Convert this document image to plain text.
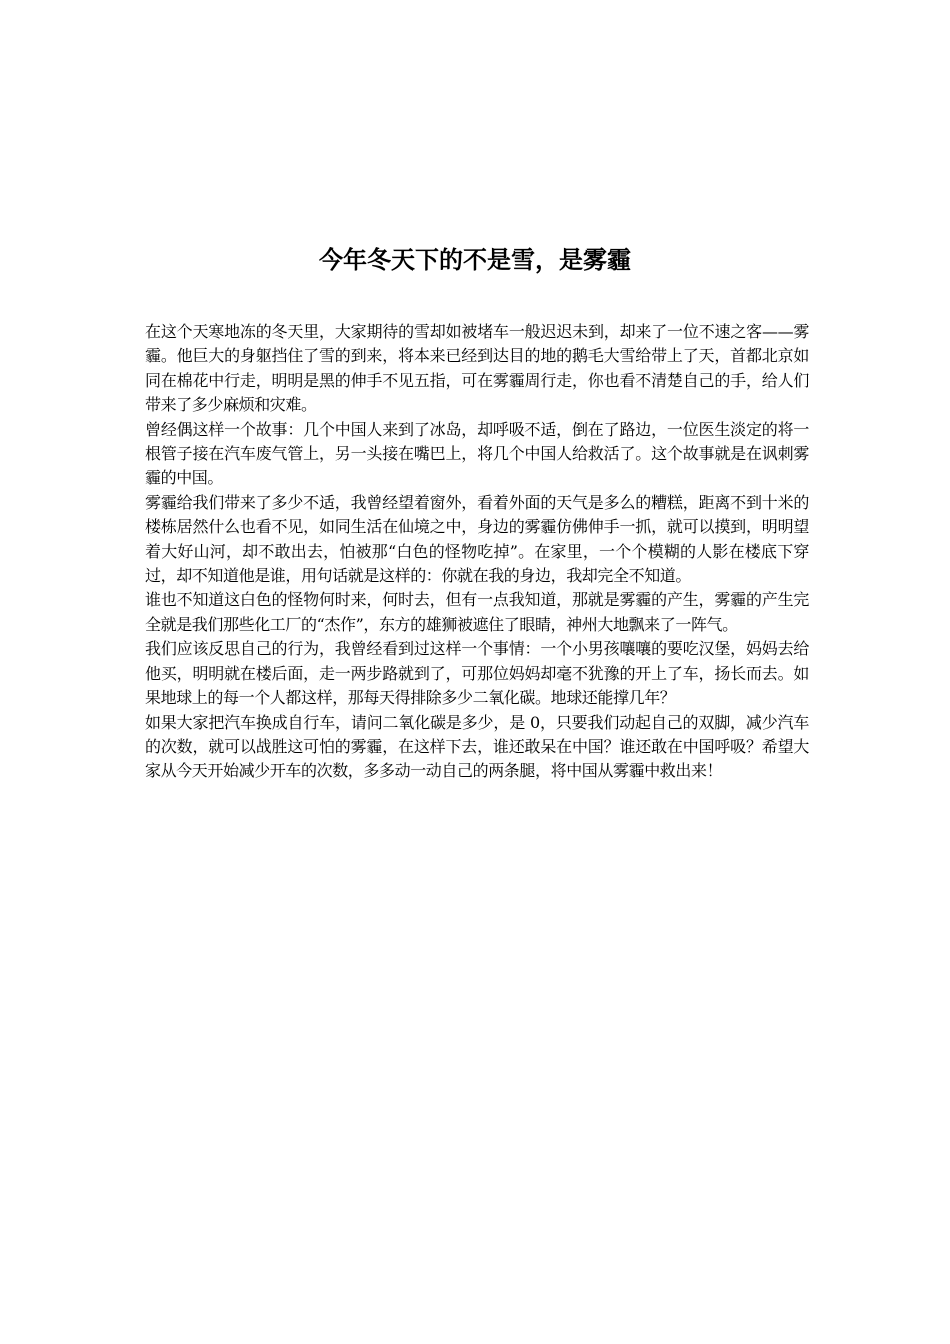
今年冬天下的不是雪，是雾霾

在这个天寒地冻的冬天里，大家期待的雪却如被堵车一般迟迟未到，却来了一位不速之客——雾霾。他巨大的身躯挡住了雪的到来，将本来已经到达目的地的鹅毛大雪给带上了天，首都北京如同在棉花中行走，明明是黑的伸手不见五指，可在雾霾周行走，你也看不清楚自己的手，给人们带来了多少麻烦和灾难。

曾经偶这样一个故事：几个中国人来到了冰岛，却呼吸不适，倒在了路边，一位医生淡定的将一根管子接在汽车废气管上，另一头接在嘴巴上，将几个中国人给救活了。这个故事就是在讽刺雾霾的中国。

雾霾给我们带来了多少不适，我曾经望着窗外，看着外面的天气是多么的糟糕，距离不到十米的楼栋居然什么也看不见，如同生活在仙境之中，身边的雾霾仿佛伸手一抓，就可以摸到，明明望着大好山河，却不敢出去，怕被那“白色的怪物吃掉”。在家里，一个个模糊的人影在楼底下穿过，却不知道他是谁，用句话就是这样的：你就在我的身边，我却完全不知道。

谁也不知道这白色的怪物何时来，何时去，但有一点我知道，那就是雾霾的产生，雾霾的产生完全就是我们那些化工厂的“杰作”，东方的雄狮被遮住了眼睛，神州大地飘来了一阵气。

我们应该反思自己的行为，我曾经看到过这样一个事情：一个小男孩嚷嚷的要吃汉堡，妈妈去给他买，明明就在楼后面，走一两步路就到了，可那位妈妈却毫不犹豫的开上了车，扬长而去。如果地球上的每一个人都这样，那每天得排除多少二氧化碳。地球还能撑几年？

如果大家把汽车换成自行车，请问二氧化碳是多少，是 0，只要我们动起自己的双脚，减少汽车的次数，就可以战胜这可怕的雾霾，在这样下去，谁还敢呆在中国？谁还敢在中国呼吸？希望大家从今天开始减少开车的次数，多多动一动自己的两条腿，将中国从雾霾中救出来！
